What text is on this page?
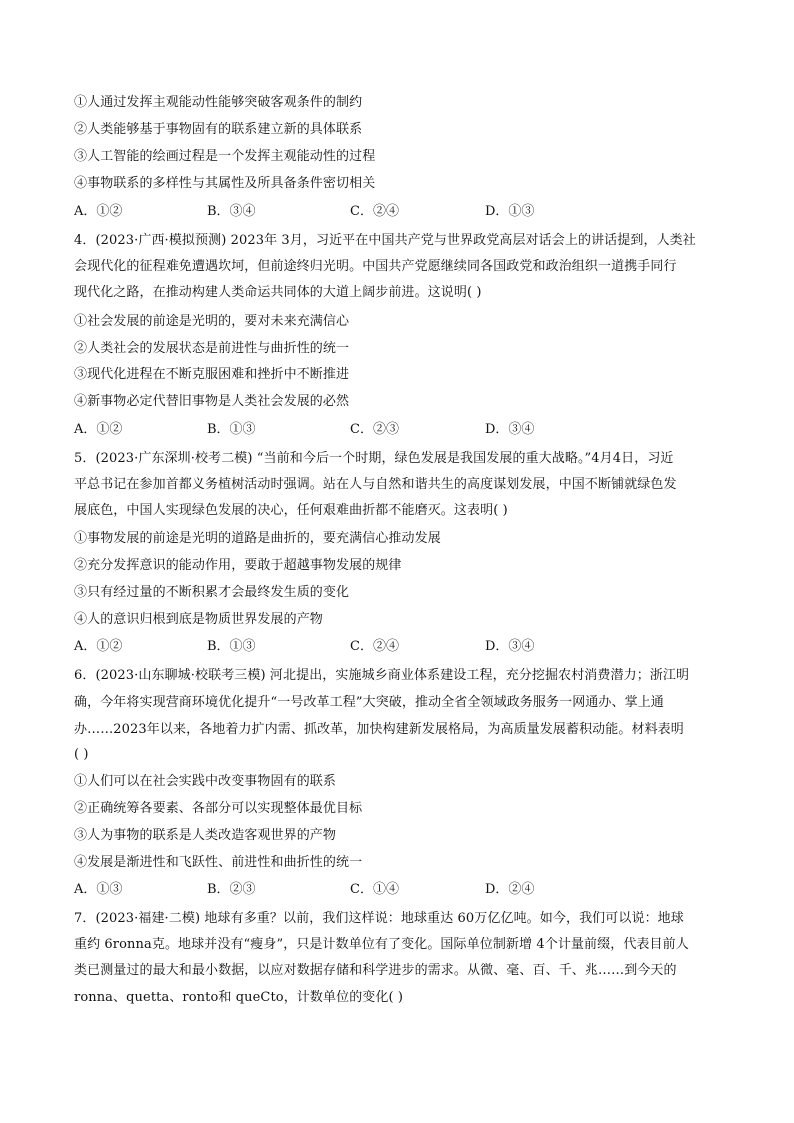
①人通过发挥主观能动性能够突破客观条件的制约
②人类能够基于事物固有的联系建立新的具体联系
③人工智能的绘画过程是一个发挥主观能动性的过程
④事物联系的多样性与其属性及所具备条件密切相关
A．①②	B．③④	C．②④	D．①③
4．(2023·广西·模拟预测) 2023年 3月，习近平在中国共产党与世界政党高层对话会上的讲话提到，人类社
会现代化的征程难免遭遇坎坷，但前途终归光明。中国共产党愿继续同各国政党和政治组织一道携手同行
现代化之路，在推动构建人类命运共同体的大道上阔步前进。这说明( )
①社会发展的前途是光明的，要对未来充满信心
②人类社会的发展状态是前进性与曲折性的统一
③现代化进程在不断克服困难和挫折中不断推进
④新事物必定代替旧事物是人类社会发展的必然
A．①②	B．①③	C．②③	D．③④
5．(2023·广东深圳·校考二模) “当前和今后一个时期，绿色发展是我国发展的重大战略。”4月4日，习近
平总书记在参加首都义务植树活动时强调。站在人与自然和谐共生的高度谋划发展，中国不断铺就绿色发
展底色，中国人实现绿色发展的决心，任何艰难曲折都不能磨灭。这表明( )
①事物发展的前途是光明的道路是曲折的，要充满信心推动发展
②充分发挥意识的能动作用，要敢于超越事物发展的规律
③只有经过量的不断积累才会最终发生质的变化
④人的意识归根到底是物质世界发展的产物
A．①②	B．①③	C．②④	D．③④
6．(2023·山东聊城·校联考三模) 河北提出，实施城乡商业体系建设工程，充分挖掘农村消费潜力；浙江明
确，今年将实现营商环境优化提升“一号改革工程”大突破，推动全省全领域政务服务一网通办、掌上通
办……2023年以来，各地着力扩内需、抓改革，加快构建新发展格局，为高质量发展蓄积动能。材料表明
( )
①人们可以在社会实践中改变事物固有的联系
②正确统筹各要素、各部分可以实现整体最优目标
③人为事物的联系是人类改造客观世界的产物
④发展是渐进性和飞跃性、前进性和曲折性的统一
A．①③	B．②③	C．①④	D．②④
7．(2023·福建·二模) 地球有多重？以前，我们这样说：地球重达 60万亿亿吨。如今，我们可以说：地球
重约 6ronna克。地球并没有“瘦身”，只是计数单位有了变化。国际单位制新增 4个计量前缀，代表目前人
类已测量过的最大和最小数据，以应对数据存储和科学进步的需求。从微、毫、百、千、兆……到今天的
ronna、quetta、ronto和 queCto，计数单位的变化( )
